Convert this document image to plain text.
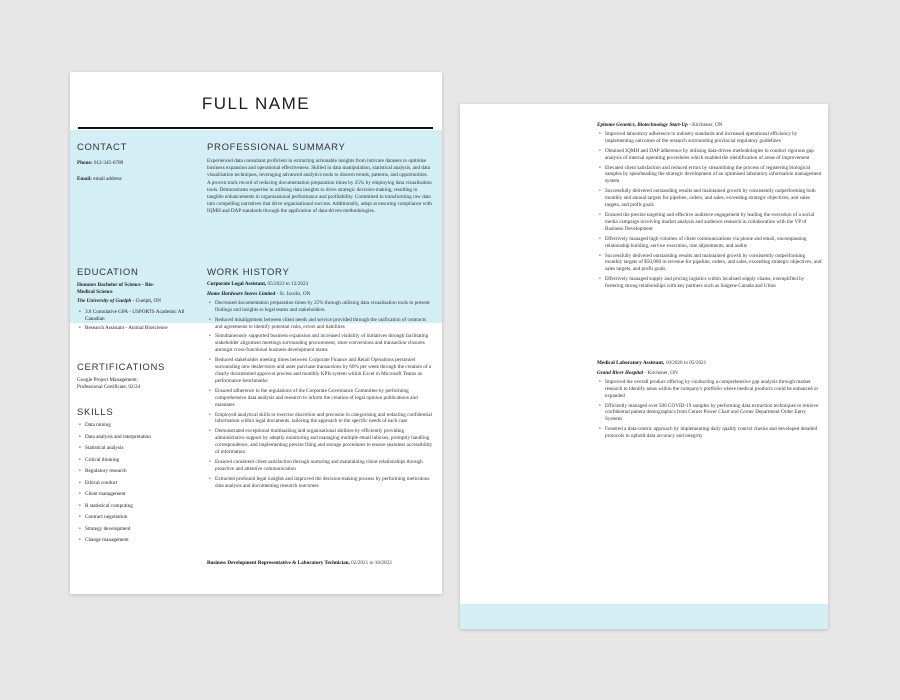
FULL NAME
CONTACT
Phone: 012-345-6789
Email: email address
PROFESSIONAL SUMMARY

Experienced data consultant proficient in extracting actionable insights from intricate datasets to optimise business expansion and operational effectiveness. Skilled in data manipulation, statistical analysis, and data visualisation techniques, leveraging advanced analytics tools to discern trends, patterns, and opportunities. A proven track record of reducing documentation preparation times by 25% by employing data visualisation tools. Demonstrates expertise in utilising data insights to drive strategic decision-making, resulting in tangible enhancements in organisational performance and profitability. Committed to transforming raw data into compelling narratives that drive organisational success. Additionally, adept at ensuring compliance with IQMH and DAP standards through the application of data-driven methodologies.

EDUCATION
Honours Bachelor of Science - Bio-Medical Science
The University of Guelph - Guelph, ON
• 3.8 Cumulative GPA - USPORTS Academic All Canadian
• Research Assistant - Animal Bioscience
CERTIFICATIONS
Google Project Management:
Professional Certificate, 02/24
SKILLS
• Data mining
• Data analysis and interpretation
• Statistical analysis
• Critical thinking
• Regulatory research
• Ethical conduct
• Client management
• R statistical computing
• Contract negotiation
• Strategy development
• Change management
WORK HISTORY
Corporate Legal Assistant, 05/2023 to 12/2023
Home Hardware Stores Limited - St. Jacobs, ON
• Decreased documentation preparation times by 25% through utilising data visualisation tools to present findings and insights to legal teams and stakeholders.
• Reduced misalignment between client needs and service provided through the unification of contracts and agreements to identify potential risks, errors and liabilities
• Simultaneously supported business expansion and increased visibility of initiatives through facilitating stakeholder alignment meetings surrounding procurement, store conversions and transaction closures amongst cross-functional business development teams
• Reduced stakeholder meeting times between Corporate Finance and Retail Operations personnel surrounding new dealer/store and asset purchase transactions by 60% per week through the creation of a clearly documented approval process and monthly KPIs system within Excel in Microsoft Teams as performance benchmarks
• Ensured adherence to the regulations of the Corporate Governance Committee by performing comprehensive data analysis and research to inform the creation of legal opinion publications and mandates
• Employed analytical skills to exercise discretion and precision in categorising and redacting confidential information within legal documents, tailoring the approach to the specific needs of each case
• Demonstrated exceptional multitasking and organisational abilities by efficiently providing administrative support by adeptly monitoring and managing multiple email inboxes, promptly handling correspondence, and implementing precise filing and storage procedures to ensure seamless accessibility of information
• Ensured consistent client satisfaction through nurturing and maintaining client relationships through proactive and attentive communication
• Extracted profound legal insights and improved the decision-making process by performing meticulous data analysis and documenting research outcomes
Business Development Representative & Laboratory Technician, 02/2021 to 10/2022
Epitome Genetics, Biotechnology Start-Up - Kitchener, ON
• Improved laboratory adherence to industry standards and increased operational efficiency by implementing outcomes of the research surrounding provincial regulatory guidelines
• Obtained IQMH and DAP adherence by utilising data-driven methodologies to conduct rigorous gap analysis of internal operating procedures which enabled the identification of areas of improvement
• Elevated client satisfaction and reduced errors by streamlining the process of registering biological samples by spearheading the strategic development of an optimised laboratory information management system
• Successfully delivered outstanding results and maintained growth by consistently outperforming both monthly and annual targets for pipeline, orders, and sales, exceeding strategic objectives, and sales targets, and profit goals
• Ensured the precise targeting and effective audience engagement by leading the execution of a social media campaign involving market analysis and audience research in collaboration with the VP of Business Development
• Effectively managed high volumes of client communications via phone and email, encompassing relationship building, service execution, rate adjustments, and audits
• Successfully delivered outstanding results and maintained growth by consistently outperforming monthly targets of $50,000 in revenue for pipeline, orders, and sales, exceeding strategic objectives, and sales targets, and profit goals
• Effectively managed supply and pricing logistics within localised supply chains, exemplified by fostering strong relationships with key partners such as Saigene Canada and Ulmo
Medical Laboratory Assistant, 10/2020 to 05/2021
Grand River Hospital - Kitchener, ON
• Improved the overall product offering by conducting a comprehensive gap analysis through market research to identify areas within the company's portfolio where medical products could be enhanced or expanded
• Efficiently managed over 500 COVID-19 samples by performing data extraction techniques to retrieve confidential patient demographics from Cerner Power Chart and Cerner Department Order Entry Systems
• Fostered a data-centric approach by implementing daily quality control checks and developed detailed protocols to uphold data accuracy and integrity
